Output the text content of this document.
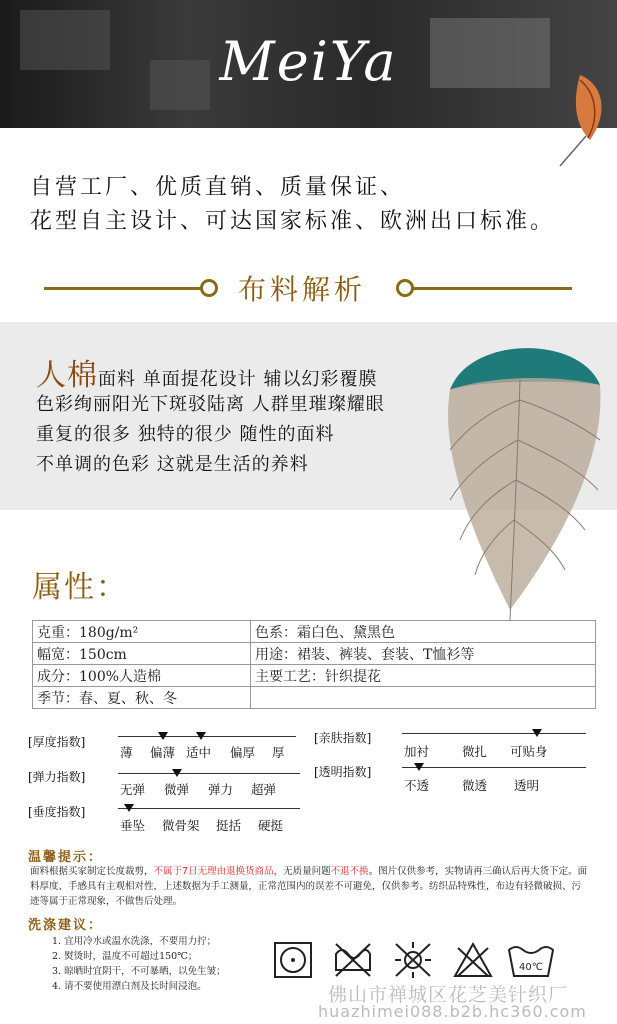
MeiYa
自营工厂、优质直销、质量保证、
花型自主设计、可达国家标准、欧洲出口标准。
布料解析
人棉面料 单面提花设计 辅以幻彩覆膜
色彩绚丽阳光下斑驳陆离 人群里璀璨耀眼
重复的很多 独特的很少 随性的面料
不单调的色彩 这就是生活的养料
属性：
克重：180g/m²	色系：霜白色、黛黑色
幅宽：150cm	用途：裙装、裤装、套装、T恤衫等
成分：100%人造棉	主要工艺：针织提花
季节：春、夏、秋、冬	
[厚度指数]
薄 偏薄 适中 偏厚 厚
[弹力指数]
无弹 微弹 弹力 超弹
[垂度指数]
垂坠 微骨架 挺括 硬挺
[亲肤指数]
加衬	微扎 可贴身
[透明指数]
不透	微透 透明
温馨提示：
面料根据买家制定长度裁剪，不属于7日无理由退换货商品，无质量问题不退不换。图片仅供参考，实物请再三确认后再大货下定。面料厚度、手感具有主观相对性，上述数据为手工测量，正常范围内的误差不可避免，仅供参考。纺织品特殊性，布边有轻微破损、污迹等属于正常现象，不做售后处理。
洗涤建议：
1. 宜用冷水或温水洗涤，不要用力拧；
2. 熨烫时，温度不可超过150℃；
3. 晾晒时宜阴干，不可暴晒，以免生皱；
4. 请不要使用漂白剂及长时间浸泡。
40℃
佛山市禅城区花芝美针织厂
huazhimei088.b2b.hc360.com
